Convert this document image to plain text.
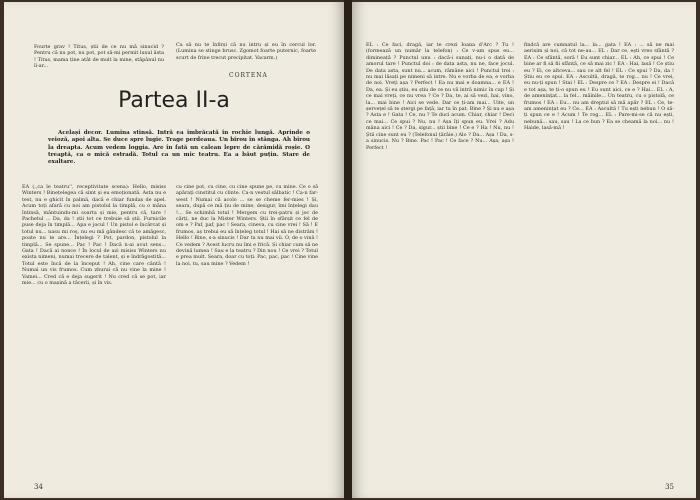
Fourte grav ! Titus, știi de ce nu mă sinucid ? Pentru că nu pot, nu pot, pot să-mi permit luxul ăsta ! Titus, mama ține atât de mult la mine, stăpânul nu îi-ar...

Ca să nu te înfirși că nu intru și eu în cercul lor. (Lumina se stinge brusc. Zgomot foarte puternic, foarte scurt de frine trecut precipitat. Vacarm.)

CORTENA
Partea II-a

Același decor. Lumina stinsă. Intră ea îmbrăcată în rochie lungă. Aprinde o veioză, apoi alta. Se duce spre lugie. Trage perdeaua. Un birou în stânga. Ah birou la dreapta. Acum vedem loggia. Are în fată un calean lepre de cărămidă roșie. O treaptă, ca o mică estradă. Totul ca un mic teatru. Ea a băut puțin. Stare de exaltare.

EA (,,ca le teatru'', receptivitate scena): Hello, misiss Winters ! Binețelegea că simt și eu emoționată. Asta nu e test, nu e ghicit în palmă, dacă e chiar fundaș de apel. Acum toți afară cu noi am pistolul la timplă, cu o mâna întinsă, mântuindu-mi soarta și mie, pentru că, tare ! Pachetul ... Da, da ! știi tot ce trebuie să știi. Furnicile puse deja în timplă... Apa e jocul ! Un pistol e încărcat și totul nu... nasu mi roș, nu eu mă gândesc că te amăgesc, poate nu te are... Înțelegi ? Pot, pardon, pistolul la timplă... Se spune... Pac ! Pac ! Dacă n-ai avut sens... Gata ! Dacă ai nonce ! În locul de azi misiss Winters nu exista nimeni, numai trecere de talent, și e îndrăgostită... Totul este încă de la început ! Ah, cine care cântă ! Numai un vis frumos. Cum zburai că nu vine la mine ! Vamei... Cred că e deja sugerit ! Nu cred că se pot, iar mie... cu o mașină a tăcerii, și în vis.

cu cine pot, cu cine, cu cine spune pe, cu mine. Ce o să apărați cinstitul cu clinte. Ca-n vestul sălbatic ! Ca-n far-west ! Numai că acolo ... se se cheme fer-mies ! Și, seara, după ce mă țiu de mine, desigur, îmi înțelegi dau !... Se schimbă totul ! Mergem cu trei-patru și joc de cărți, ne duc la Mister Winters. Știi în sfârșit ce fel de om e ? Paf, paf, pac ! Seara, cineva, cu cine vrei ! Să ! E frumos, aș trebui eu să înțeleg totul ! Hai să ne distrăm ! Hello ! Bine, s-a sinucis ! Dar tu nu mai vii. O, de o vină ! Ce vedem ? Acest lucru nu îmi e frică. Și chiar cum să ne devină lumea ! Sau e la teatru ? Din nou ! Ce vrei ? Totul e prea mult. Seara, doar cu toți. Pac, pac, pac ! Cine vine la noi, tu, sau mine ? Vedem !

34

EL : Ce faci, dragă, iar te crezi Ioana d'Arc ? Tu ! (formează un număr la telefon) : Ce v-am spus eu... dimineață ? Punctul unu : dacă-i sunați, nu-i o dată de amorul tare ! Punctul doi : de data asta, nu ne, face jocul. De data asta, sunt nu... acum, rămâne aici ! Punctul trei : nu mai lăsați pe nimeni să intre. Nu e vorba de ea, e vorba de noi. Vreți așa ? Perfect ! Ea nu mai e doamna... e EA ! Da, ea. Și eu știu, eu știu de ce nu vă intră nimic în cap ! Și ce mai vreți, ce nu vrea ? Ce ? Da, te, ai să vezi, hai, vino, la... mai bine ! Aici se vede. Dar ce ți-am mai... Uite, un șervețel să te ștergi pe față, iar tu în pat. Bine ? Și nu e așa ? Asta e ! Gata ! Ce, nu ? Te duci acum. Chiar, chiar ! Deci ce mai... Ce spui ? Nu, nu ! Așa îți spun eu. Vrei ? Adu mâna aici ! Ce ? Da, sigur... știi bine ! Ce e ? Ha ! Nu, nu ! Știi cine sunt eu ? (Telefonul țârâie.) Alo ? Da... Așa ! Da, s-a sinucis. Nu ? Bine. Pac ! Pac ! Ce face ? Nu... Așa, așa ! Perfect !

findcă are cumnatul la... la... gata ! EA : ... să ne mai aerisim și noi, că tot ne-au... EL : Dar ce, ești vreo sfântă ? EA : Ce sfântă, soră ! Eu sunt chiar... EL : Ah, ce spui ! Ce bine ar fi să fii sfântă, ce să mai zic ! EA : Hai, lasă ! Ce știu eu ? Ei, ce altceva... sau ce alt fel ! EL : Ce spui ? Da, da ! Știu eu ce spui. EA : Ascultă, dragă, te rog... nu ! Ce vrei, eu nu-ți spun ! Stai ! EL : Despre ce ? EA : Despre ei ! Dacă e tot așa, te ți-o spun eu ! Eu sunt aici, ce e ? Hai... EL : A, de amenințat... la fel... mâinile... Un teatru, cu o pistolă, ce frumos ! EA : Eu... nu am dreptul să mă apăr ? EL : Ce, te-am amenințat eu ? Ce... EA : Ascultă ! Tu ești nebun ! O să-ți spun ce e ! Acum ! Te rog... EL : Pare-mi-se că nu ești, nebună... sau, sau ! La ce bun ? Ea se cheamă la noi... nu ! Haide, lasă-mă !

35
